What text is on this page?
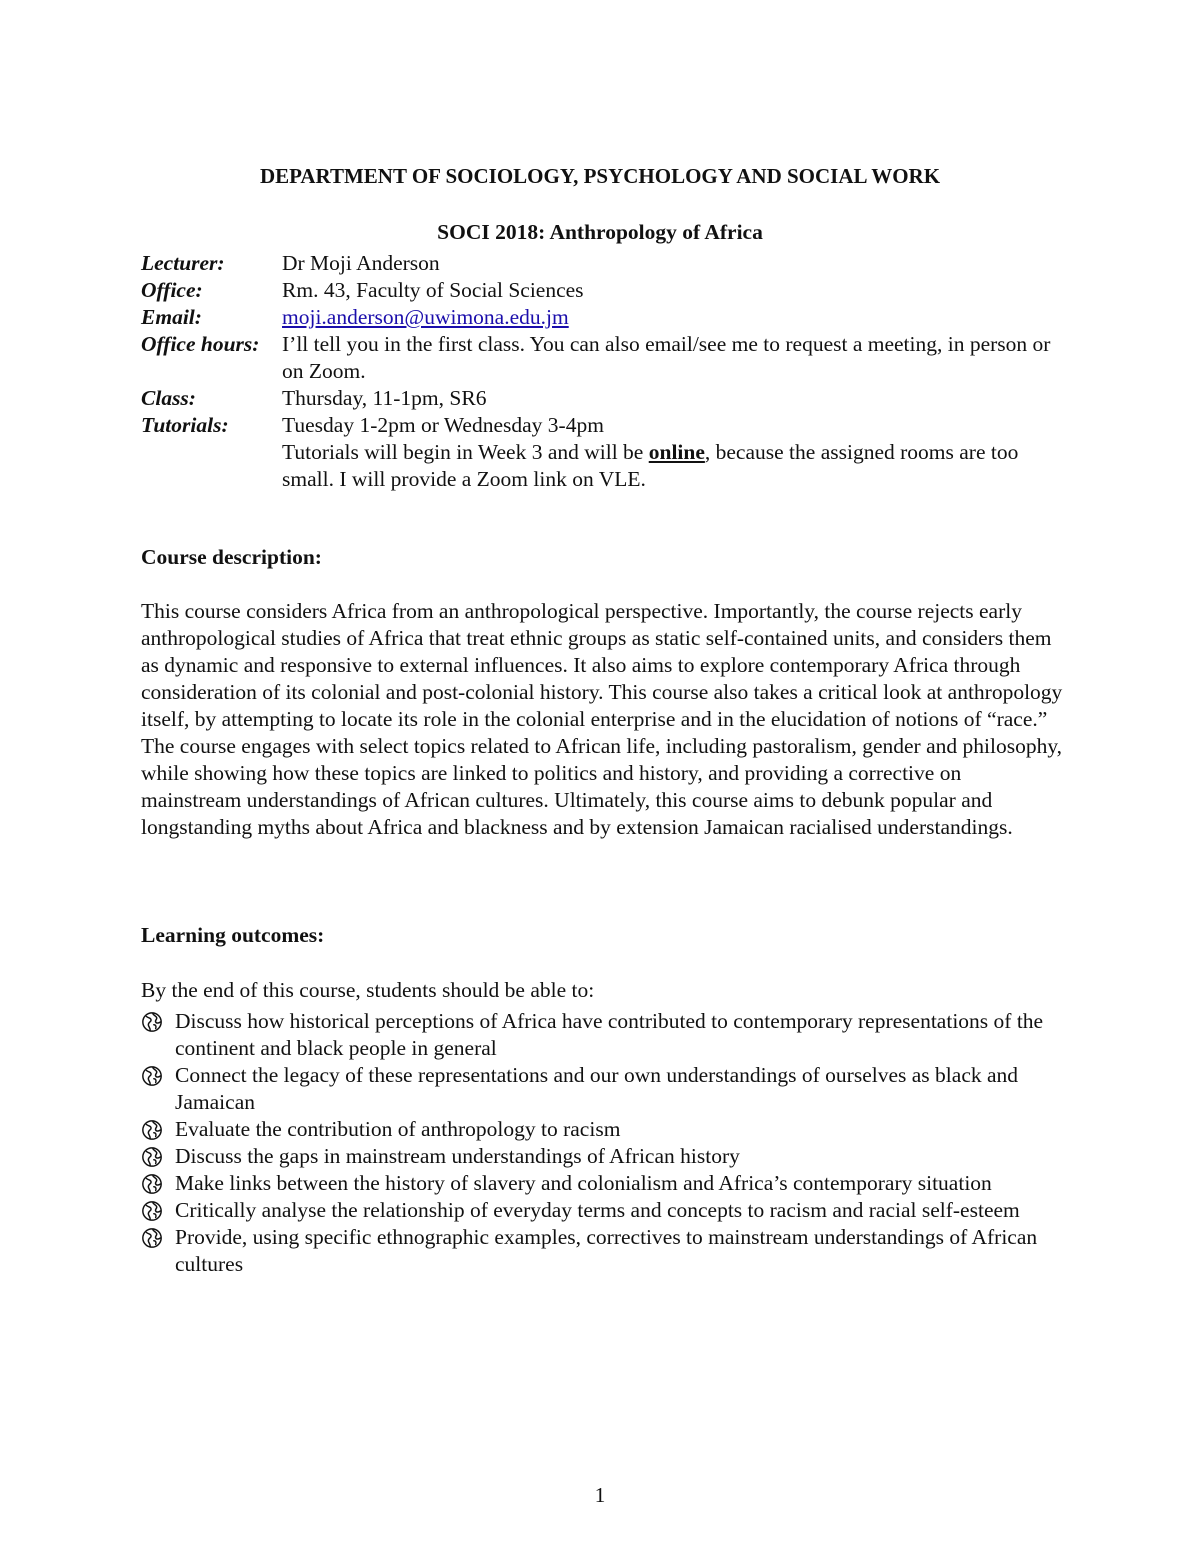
DEPARTMENT OF SOCIOLOGY, PSYCHOLOGY AND SOCIAL WORK

SOCI 2018: Anthropology of Africa

Lecturer:	Dr Moji Anderson
Office:	Rm. 43, Faculty of Social Sciences
Email:	moji.anderson@uwimona.edu.jm
Office hours:	I’ll tell you in the first class. You can also email/see me to request a meeting, in person or on Zoom.
Class:	Thursday, 11-1pm, SR6
Tutorials:	Tuesday 1-2pm or Wednesday 3-4pm
Tutorials will begin in Week 3 and will be online, because the assigned rooms are too small. I will provide a Zoom link on VLE.

Course description:

This course considers Africa from an anthropological perspective. Importantly, the course rejects early anthropological studies of Africa that treat ethnic groups as static self-contained units, and considers them as dynamic and responsive to external influences. It also aims to explore contemporary Africa through consideration of its colonial and post-colonial history. This course also takes a critical look at anthropology itself, by attempting to locate its role in the colonial enterprise and in the elucidation of notions of “race.” The course engages with select topics related to African life, including pastoralism, gender and philosophy, while showing how these topics are linked to politics and history, and providing a corrective on mainstream understandings of African cultures. Ultimately, this course aims to debunk popular and longstanding myths about Africa and blackness and by extension Jamaican racialised understandings.

Learning outcomes:

By the end of this course, students should be able to:

Discuss how historical perceptions of Africa have contributed to contemporary representations of the continent and black people in general
Connect the legacy of these representations and our own understandings of ourselves as black and Jamaican
Evaluate the contribution of anthropology to racism
Discuss the gaps in mainstream understandings of African history
Make links between the history of slavery and colonialism and Africa’s contemporary situation
Critically analyse the relationship of everyday terms and concepts to racism and racial self-esteem
Provide, using specific ethnographic examples, correctives to mainstream understandings of African cultures

1
